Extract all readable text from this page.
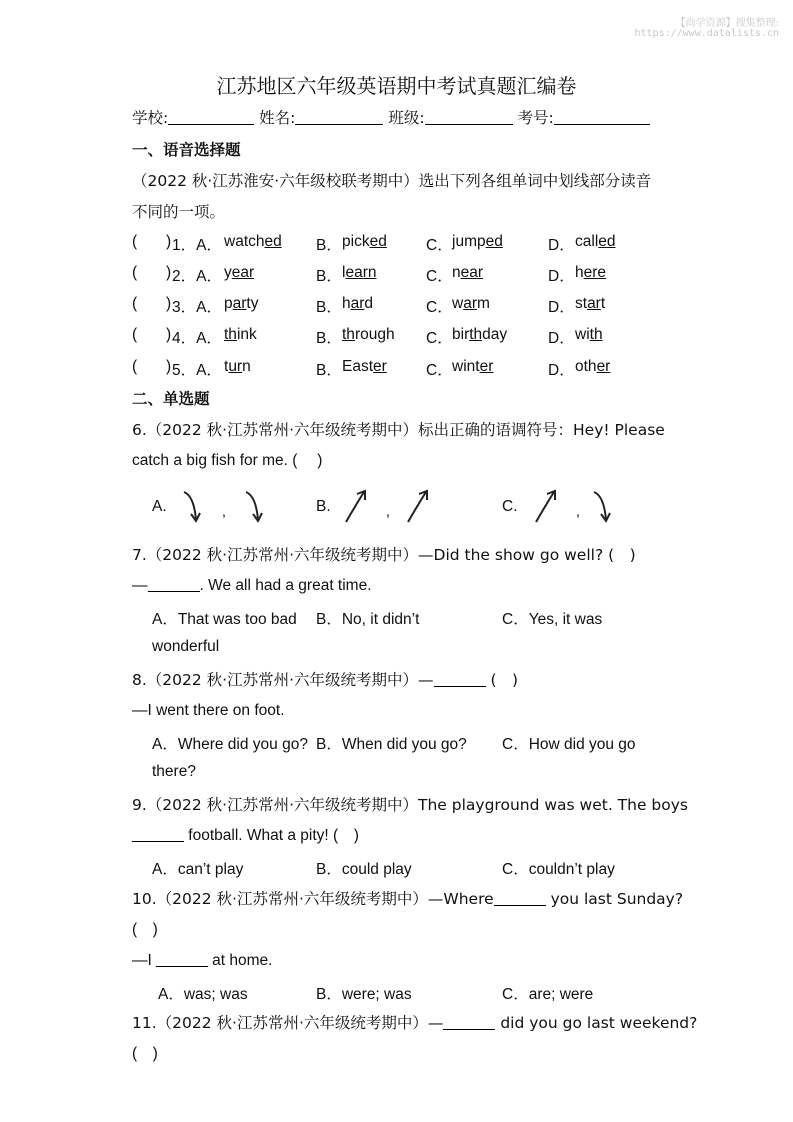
【尚学资源】搜集整理:
https://www.datalists.cn
江苏地区六年级英语期中考试真题汇编卷
学校:	姓名:	班级:	考号:
一、语音选择题
（2022 秋·江苏淮安·六年级校联考期中）选出下列各组单词中划线部分读音
不同的一项。
( ) 1．A． watched B． picked	C． jumped	D． called
( ) 2．A． year	B． learn	C． near	D． here
( ) 3．A． party	B． hard	C． warm	D． start
( ) 4．A． think	B． through C． birthday	D． with
( ) 5．A． turn	B． Easter	C． winter	D． other
二、单选题
6.（2022 秋·江苏常州·六年级统考期中）标出正确的语调符号：Hey! Please
catch a big fish for me. (　 )
A.	,	B.	,	C.	,
7.（2022 秋·江苏常州·六年级统考期中）—Did the show go well? (　)
—	. We all had a great time.
A．That was too bad B．No, it didn’t	C．Yes, it was
wonderful
8.（2022 秋·江苏常州·六年级统考期中）—	(　)
—I went there on foot.
A．Where did you go? B．When did you go? C．How did you go
there?
9.（2022 秋·江苏常州·六年级统考期中）The playground was wet. The boys
football. What a pity! (　)
A．can’t play	B．could play	C．couldn’t play
10.（2022 秋·江苏常州·六年级统考期中）—Where	you last Sunday?
(　)
—I	at home.
A．was; was	B．were; was	C．are; were
11.（2022 秋·江苏常州·六年级统考期中）—	did you go last weekend?
(　)
